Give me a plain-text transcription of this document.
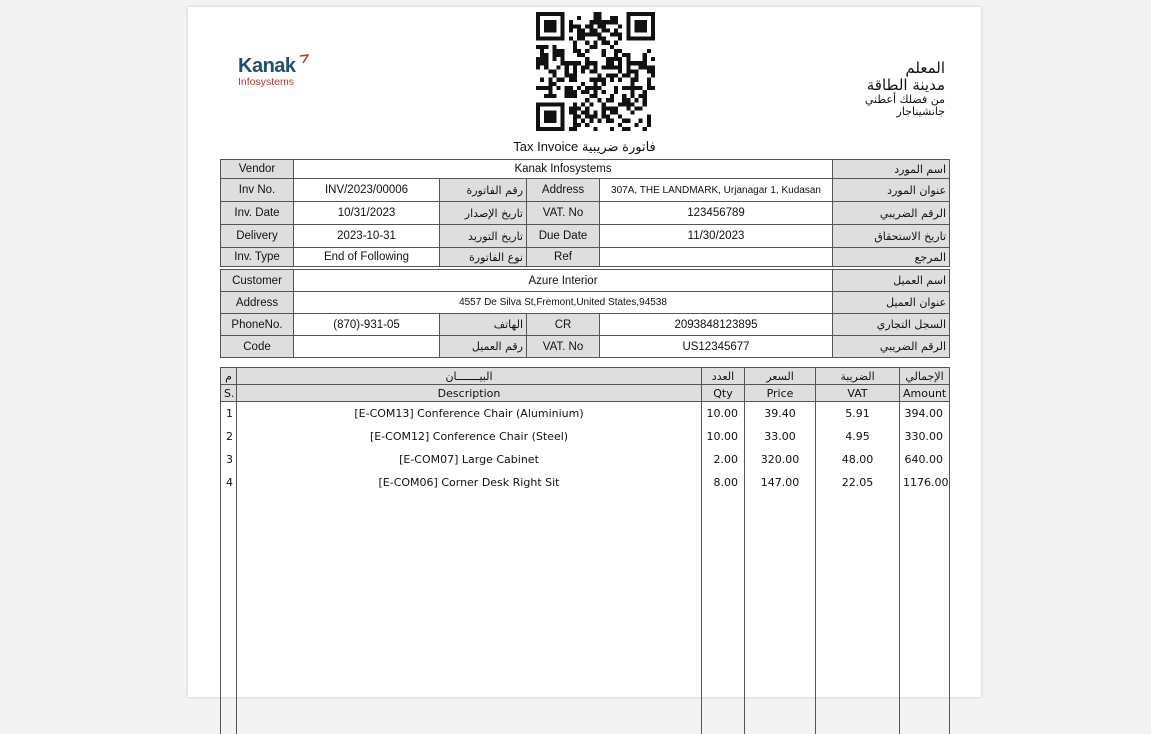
Kanak
Infosystems
المعلم
مدينة الطاقة
من فضلك أعطني
جانشيناجار
Tax Invoice فاتورة ضريبية
Vendor	Kanak Infosystems				اسم المورد
Inv No.	INV/2023/00006	رقم الفاتورة	Address	307A, THE LANDMARK, Urjanagar 1, Kudasan	عنوان المورد
Inv. Date	10/31/2023	تاريخ الإصدار	VAT. No	123456789	الرقم الضريبي
Delivery	2023-10-31	تاريخ التوريد	Due Date	11/30/2023	تاريخ الاستحقاق
Inv. Type	End of Following	نوع الفاتورة	Ref		المرجع
Customer	Azure Interior				اسم العميل
Address	4557 De Silva St,Fremont,United States,94538				عنوان العميل
PhoneNo.	(870)-931-05	الهاتف	CR	2093848123895	السجل التجاري
Code		رقم العميل	VAT. No	US12345677	الرقم الضريبي
م	البيـــــــان	العدد	السعر	الضريبة	الإجمالي
S.	Description	Qty	Price	VAT	Amount
1	[E-COM13] Conference Chair (Aluminium)	10.00	39.40	5.91	394.00
2	[E-COM12] Conference Chair (Steel)	10.00	33.00	4.95	330.00
3	[E-COM07] Large Cabinet	2.00	320.00	48.00	640.00
4	[E-COM06] Corner Desk Right Sit	8.00	147.00	22.05	1176.00
